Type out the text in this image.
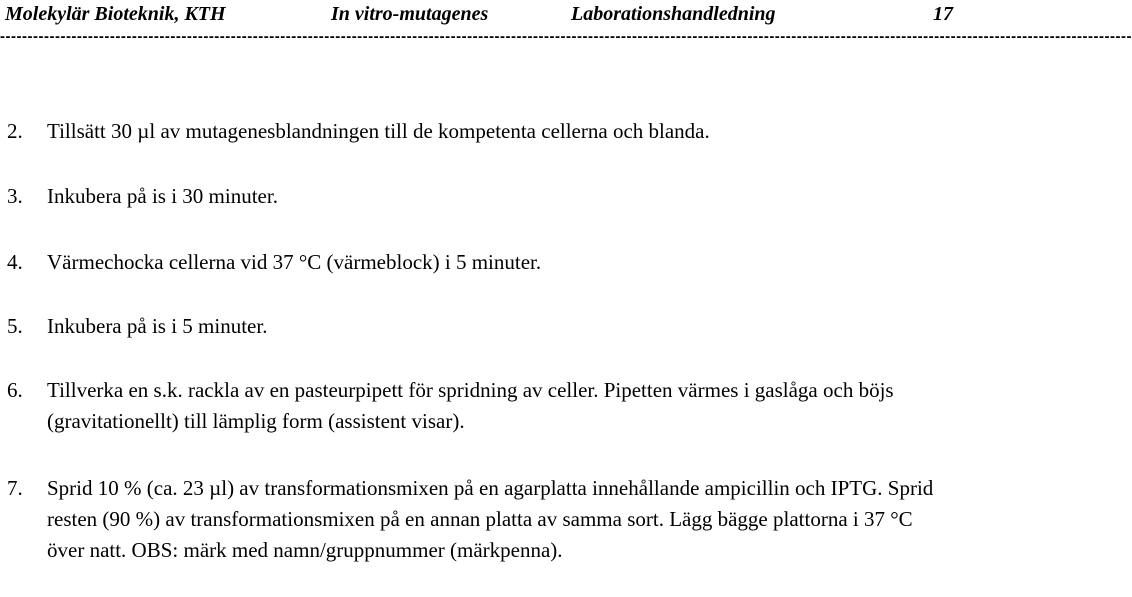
Molekylär Bioteknik, KTH	In vitro-mutagenes	Laborationshandledning	17
--------------------------------------------------------------------------------------------------------------------------------------------------------------------------------------------------------------
2.	Tillsätt 30 µl av mutagenesblandningen till de kompetenta cellerna och blanda.
3.	Inkubera på is i 30 minuter.
4.	Värmechocka cellerna vid 37 °C (värmeblock) i 5 minuter.
5.	Inkubera på is i 5 minuter.
6.	Tillverka en s.k. rackla av en pasteurpipett för spridning av celler. Pipetten värmes i gaslåga och böjs (gravitationellt) till lämplig form (assistent visar).
7.	Sprid 10 % (ca. 23 µl) av transformationsmixen på en agarplatta innehållande ampicillin och IPTG. Sprid resten (90 %) av transformationsmixen på en annan platta av samma sort. Lägg bägge plattorna i 37 °C över natt. OBS: märk med namn/gruppnummer (märkpenna).
